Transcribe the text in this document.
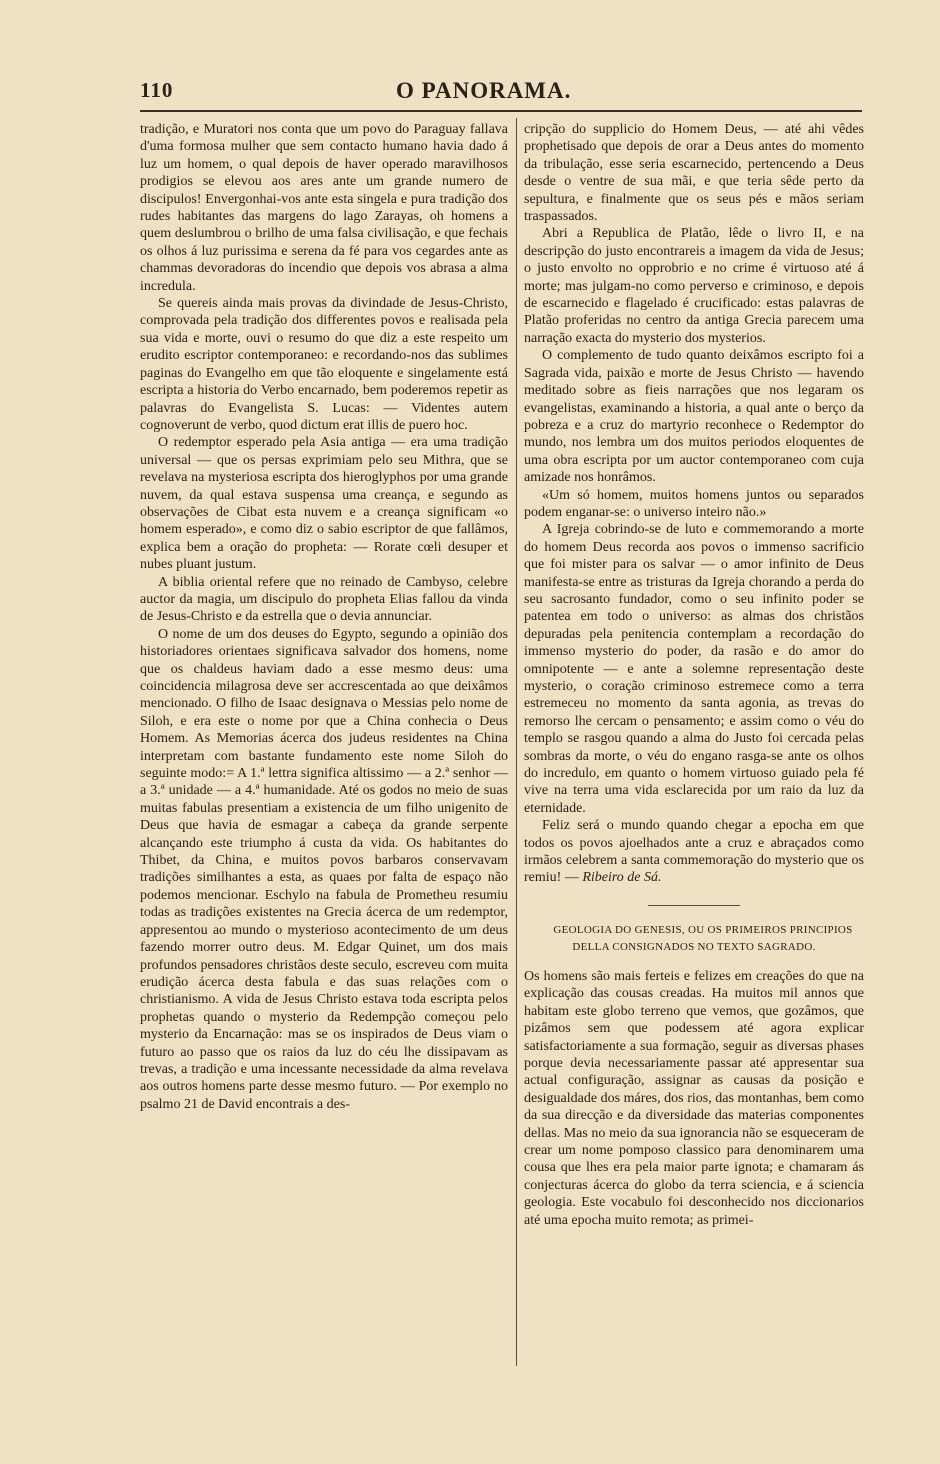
110	O PANORAMA.

tradição, e Muratori nos conta que um povo do Paraguay fallava d'uma formosa mulher que sem contacto humano havia dado á luz um homem, o qual depois de haver operado maravilhosos prodigios se elevou aos ares ante um grande numero de discipulos! Envergonhai-vos ante esta singela e pura tradição dos rudes habitantes das margens do lago Zarayas, oh homens a quem deslumbrou o brilho de uma falsa civilisação, e que fechais os olhos á luz purissima e serena da fé para vos cegardes ante as chammas devoradoras do incendio que depois vos abrasa a alma incredula.

Se quereis ainda mais provas da divindade de Jesus-Christo, comprovada pela tradição dos differentes povos e realisada pela sua vida e morte, ouvi o resumo do que diz a este respeito um erudito escriptor contemporaneo: e recordando-nos das sublimes paginas do Evangelho em que tão eloquente e singelamente está escripta a historia do Verbo encarnado, bem poderemos repetir as palavras do Evangelista S. Lucas: — Videntes autem cognoverunt de verbo, quod dictum erat illis de puero hoc.

O redemptor esperado pela Asia antiga — era uma tradição universal — que os persas exprimiam pelo seu Mithra, que se revelava na mysteriosa escripta dos hieroglyphos por uma grande nuvem, da qual estava suspensa uma creança, e segundo as observações de Cibat esta nuvem e a creança significam «o homem esperado», e como diz o sabio escriptor de que fallâmos, explica bem a oração do propheta: — Rorate cœli desuper et nubes pluant justum.

A biblia oriental refere que no reinado de Cambyso, celebre auctor da magia, um discipulo do propheta Elias fallou da vinda de Jesus-Christo e da estrella que o devia annunciar.

O nome de um dos deuses do Egypto, segundo a opinião dos historiadores orientaes significava salvador dos homens, nome que os chaldeus haviam dado a esse mesmo deus: uma coincidencia milagrosa deve ser accrescentada ao que deixâmos mencionado. O filho de Isaac designava o Messias pelo nome de Siloh, e era este o nome por que a China conhecia o Deus Homem. As Memorias ácerca dos judeus residentes na China interpretam com bastante fundamento este nome Siloh do seguinte modo:= A 1.ª lettra significa altissimo — a 2.ª senhor — a 3.ª unidade — a 4.ª humanidade. Até os godos no meio de suas muitas fabulas presentiam a existencia de um filho unigenito de Deus que havia de esmagar a cabeça da grande serpente alcançando este triumpho á custa da vida. Os habitantes do Thibet, da China, e muitos povos barbaros conservavam tradições similhantes a esta, as quaes por falta de espaço não podemos mencionar. Eschylo na fabula de Prometheu resumiu todas as tradições existentes na Grecia ácerca de um redemptor, appresentou ao mundo o mysterioso acontecimento de um deus fazendo morrer outro deus. M. Edgar Quinet, um dos mais profundos pensadores christãos deste seculo, escreveu com muita erudição ácerca desta fabula e das suas relações com o christianismo. A vida de Jesus Christo estava toda escripta pelos prophetas quando o mysterio da Redempção começou pelo mysterio da Encarnação: mas se os inspirados de Deus viam o futuro ao passo que os raios da luz do céu lhe dissipavam as trevas, a tradição e uma incessante necessidade da alma revelava aos outros homens parte desse mesmo futuro. — Por exemplo no psalmo 21 de David encontrais a des-

cripção do supplicio do Homem Deus, — até ahi vêdes prophetisado que depois de orar a Deus antes do momento da tribulação, esse seria escarnecido, pertencendo a Deus desde o ventre de sua mãi, e que teria sêde perto da sepultura, e finalmente que os seus pés e mãos seriam traspassados.

Abri a Republica de Platão, lêde o livro II, e na descripção do justo encontrareis a imagem da vida de Jesus; o justo envolto no opprobrio e no crime é virtuoso até á morte; mas julgam-no como perverso e criminoso, e depois de escarnecido e flagelado é crucificado: estas palavras de Platão proferidas no centro da antiga Grecia parecem uma narração exacta do mysterio dos mysterios.

O complemento de tudo quanto deixâmos escripto foi a Sagrada vida, paixão e morte de Jesus Christo — havendo meditado sobre as fieis narrações que nos legaram os evangelistas, examinando a historia, a qual ante o berço da pobreza e a cruz do martyrio reconhece o Redemptor do mundo, nos lembra um dos muitos periodos eloquentes de uma obra escripta por um auctor contemporaneo com cuja amizade nos honrâmos.

«Um só homem, muitos homens juntos ou separados podem enganar-se: o universo inteiro não.»

A Igreja cobrindo-se de luto e commemorando a morte do homem Deus recorda aos povos o immenso sacrificio que foi mister para os salvar — o amor infinito de Deus manifesta-se entre as tristuras da Igreja chorando a perda do seu sacrosanto fundador, como o seu infinito poder se patentea em todo o universo: as almas dos christãos depuradas pela penitencia contemplam a recordação do immenso mysterio do poder, da rasão e do amor do omnipotente — e ante a solemne representação deste mysterio, o coração criminoso estremece como a terra estremeceu no momento da santa agonia, as trevas do remorso lhe cercam o pensamento; e assim como o véu do templo se rasgou quando a alma do Justo foi cercada pelas sombras da morte, o véu do engano rasga-se ante os olhos do incredulo, em quanto o homem virtuoso guiado pela fé vive na terra uma vida esclarecida por um raio da luz da eternidade.

Feliz será o mundo quando chegar a epocha em que todos os povos ajoelhados ante a cruz e abraçados como irmãos celebrem a santa commemoração do mysterio que os remiu! — Ribeiro de Sá.

GEOLOGIA DO GENESIS, OU OS PRIMEIROS PRINCIPIOS
DELLA CONSIGNADOS NO TEXTO SAGRADO.

Os homens são mais ferteis e felizes em creações do que na explicação das cousas creadas. Ha muitos mil annos que habitam este globo terreno que vemos, que gozâmos, que pizâmos sem que podessem até agora explicar satisfactoriamente a sua formação, seguir as diversas phases porque devia necessariamente passar até appresentar sua actual configuração, assignar as causas da posição e desigualdade dos máres, dos rios, das montanhas, bem como da sua direcção e da diversidade das materias componentes dellas. Mas no meio da sua ignorancia não se esqueceram de crear um nome pomposo classico para denominarem uma cousa que lhes era pela maior parte ignota; e chamaram ás conjecturas ácerca do globo da terra sciencia, e á sciencia geologia. Este vocabulo foi desconhecido nos diccionarios até uma epocha muito remota; as primei-
